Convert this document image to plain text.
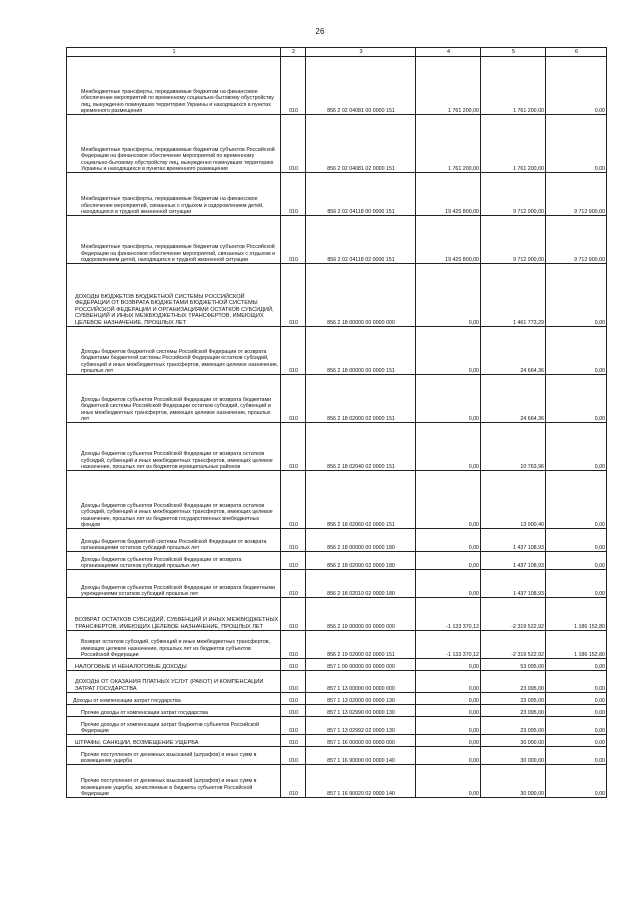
26
1	2	3	4	5	6

Межбюджетные трансферты, передаваемые бюджетам на финансовое обеспечение мероприятий по временному социально-бытовому обустройству лиц, вынужденно покинувших территорию Украины и находящихся в пунктах временного размещения	010	856 2 02 04081 00 0000 151	1 761 200,00	1 761 200,00	0,00

Межбюджетные трансферты, передаваемые бюджетам субъектов Российской Федерации на финансовое обеспечение мероприятий по временному социально-бытовому обустройству лиц, вынужденно покинувших территорию Украины и находящихся в пунктах временного размещения	010	856 2 02 04081 02 0000 151	1 761 200,00	1 761 200,00	0,00

Межбюджетные трансферты, передаваемые бюджетам на финансовое обеспечение мероприятий, связанных с отдыхом и оздоровлением детей, находящихся в трудной жизненной ситуации	010	856 2 02 04118 00 0000 151	19 425 800,00	9 712 900,00	9 712 900,00

Межбюджетные трансферты, передаваемые бюджетам субъектов Российской Федерации на финансовое обеспечение мероприятий, связанных с отдыхом и оздоровлением детей, находящихся в трудной жизненной ситуации	010	856 2 02 04118 02 0000 151	19 425 800,00	9 712 900,00	9 712 900,00

ДОХОДЫ БЮДЖЕТОВ БЮДЖЕТНОЙ СИСТЕМЫ РОССИЙСКОЙ ФЕДЕРАЦИИ ОТ ВОЗВРАТА БЮДЖЕТАМИ БЮДЖЕТНОЙ СИСТЕМЫ РОССИЙСКОЙ ФЕДЕРАЦИИ И ОРГАНИЗАЦИЯМИ ОСТАТКОВ СУБСИДИЙ, СУБВЕНЦИЙ И ИНЫХ МЕЖБЮДЖЕТНЫХ ТРАНСФЕРТОВ, ИМЕЮЩИХ ЦЕЛЕВОЕ НАЗНАЧЕНИЕ, ПРОШЛЫХ ЛЕТ	010	856 2 18 00000 00 0000 000	0,00	1 461 773,29	0,00

Доходы бюджетов бюджетной системы Российской Федерации от возврата бюджетами бюджетной системы Российской Федерации остатков субсидий, субвенций и иных межбюджетных трансфертов, имеющих целевое назначение, прошлых лет	010	856 2 18 00000 00 0000 151	0,00	24 664,36	0,00

Доходы бюджетов субъектов Российской Федерации от возврата бюджетами бюджетной системы Российской Федерации остатков субсидий, субвенций и иных межбюджетных трансфертов, имеющих целевое назначение, прошлых лет	010	856 2 18 02000 02 0000 151	0,00	24 664,36	0,00

Доходы бюджетов субъектов Российской Федерации от возврата остатков субсидий, субвенций и иных межбюджетных трансфертов, имеющих целевое назначение, прошлых лет из бюджетов муниципальных районов	010	856 2 18 02040 02 0000 151	0,00	10 763,96	0,00

Доходы бюджетов субъектов Российской Федерации от возврата остатков субсидий, субвенций и иных межбюджетных трансфертов, имеющих целевое назначение, прошлых лет из бюджетов государственных внебюджетных фондов	010	856 2 18 02060 02 0000 151	0,00	13 900,40	0,00

Доходы бюджетов бюджетной системы Российской Федерации от возврата организациями остатков субсидий прошлых лет	010	856 2 18 00000 00 0000 180	0,00	1 437 108,93	0,00

Доходы бюджетов субъектов Российской Федерации от возврата организациями остатков субсидий прошлых лет	010	856 2 18 02000 02 0000 180	0,00	1 437 108,93	0,00

Доходы бюджетов субъектов Российской Федерации от возврата бюджетными учреждениями остатков субсидий прошлых лет	010	856 2 18 02010 02 0000 180	0,00	1 437 108,93	0,00

ВОЗВРАТ ОСТАТКОВ СУБСИДИЙ, СУБВЕНЦИЙ И ИНЫХ МЕЖБЮДЖЕТНЫХ ТРАНСФЕРТОВ, ИМЕЮЩИХ ЦЕЛЕВОЕ НАЗНАЧЕНИЕ, ПРОШЛЫХ ЛЕТ	010	856 2 19 00000 00 0000 000	-1 133 370,12	-2 319 522,92	1 186 152,80

Возврат остатков субсидий, субвенций и иных межбюджетных трансфертов, имеющих целевое назначение, прошлых лет из бюджетов субъектов Российской Федерации	010	856 2 19 02000 02 0000 151	-1 133 370,12	-2 319 522,92	1 186 152,80

НАЛОГОВЫЕ И НЕНАЛОГОВЫЕ ДОХОДЫ	010	857 1 00 00000 00 0000 000	0,00	53 095,00	0,00

ДОХОДЫ ОТ ОКАЗАНИЯ ПЛАТНЫХ УСЛУГ (РАБОТ) И КОМПЕНСАЦИИ ЗАТРАТ ГОСУДАРСТВА	010	857 1 13 00000 00 0000 000	0,00	23 095,00	0,00

Доходы от компенсации затрат государства	010	857 1 13 02000 00 0000 130	0,00	23 095,00	0,00

Прочие доходы от компенсации затрат государства	010	857 1 13 02990 00 0000 130	0,00	23 095,00	0,00

Прочие доходы от компенсации затрат бюджетов субъектов Российской Федерации	010	857 1 13 02992 02 0000 130	0,00	23 095,00	0,00

ШТРАФЫ, САНКЦИИ, ВОЗМЕЩЕНИЕ УЩЕРБА	010	857 1 16 00000 00 0000 000	0,00	30 000,00	0,00

Прочие поступления от денежных взысканий (штрафов) и иных сумм в возмещение ущерба	010	857 1 16 90000 00 0000 140	0,00	30 000,00	0,00

Прочие поступления от денежных взысканий (штрафов) и иных сумм в возмещение ущерба, зачисляемые в бюджеты субъектов Российской Федерации	010	857 1 16 90020 02 0000 140	0,00	30 000,00	0,00
